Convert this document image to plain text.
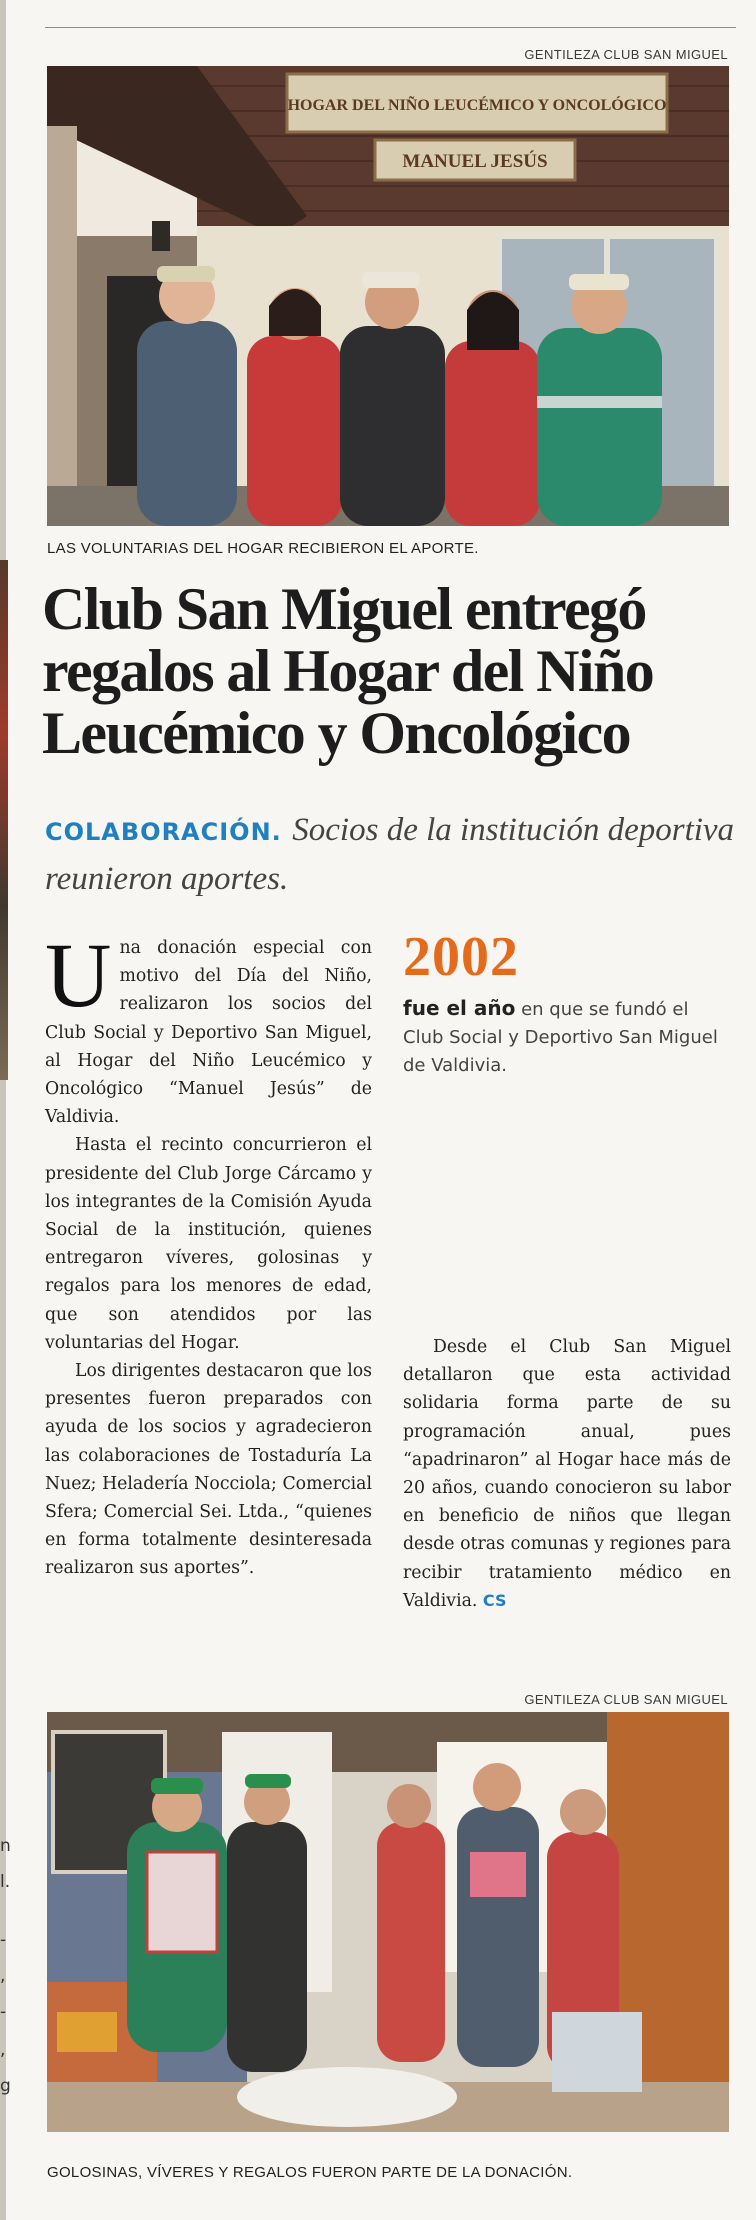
n
l.
-
,
-
,
g
GENTILEZA CLUB SAN MIGUEL
HOGAR DEL NIÑO LEUCÉMICO Y ONCOLÓGICO
MANUEL JESÚS
LAS VOLUNTARIAS DEL HOGAR RECIBIERON EL APORTE.
Club San Miguel entregó regalos al Hogar del Niño Leucémico y Oncológico
COLABORACIÓN. Socios de la institución deportiva reunieron aportes.

Una donación especial con motivo del Día del Niño, realizaron los socios del Club Social y Deportivo San Miguel, al Hogar del Niño Leucémico y Oncológico “Manuel Jesús” de Valdivia.

Hasta el recinto concurrieron el presidente del Club Jorge Cárcamo y los integrantes de la Comisión Ayuda Social de la institución, quienes entregaron víveres, golosinas y regalos para los menores de edad, que son atendidos por las voluntarias del Hogar.

Los dirigentes destacaron que los presentes fueron preparados con ayuda de los socios y agradecieron las colaboraciones de Tostaduría La Nuez; Heladería Nocciola; Comercial Sfera; Comercial Sei. Ltda., “quienes en forma totalmente desinteresada realizaron sus aportes”.

2002
fue el año en que se fundó el Club Social y Deportivo San Miguel de Valdivia.

Desde el Club San Miguel detallaron que esta actividad solidaria forma parte de su programación anual, pues “apadrinaron” al Hogar hace más de 20 años, cuando conocieron su labor en beneficio de niños que llegan desde otras comunas y regiones para recibir tratamiento médico en Valdivia. CS

GENTILEZA CLUB SAN MIGUEL
GOLOSINAS, VÍVERES Y REGALOS FUERON PARTE DE LA DONACIÓN.
